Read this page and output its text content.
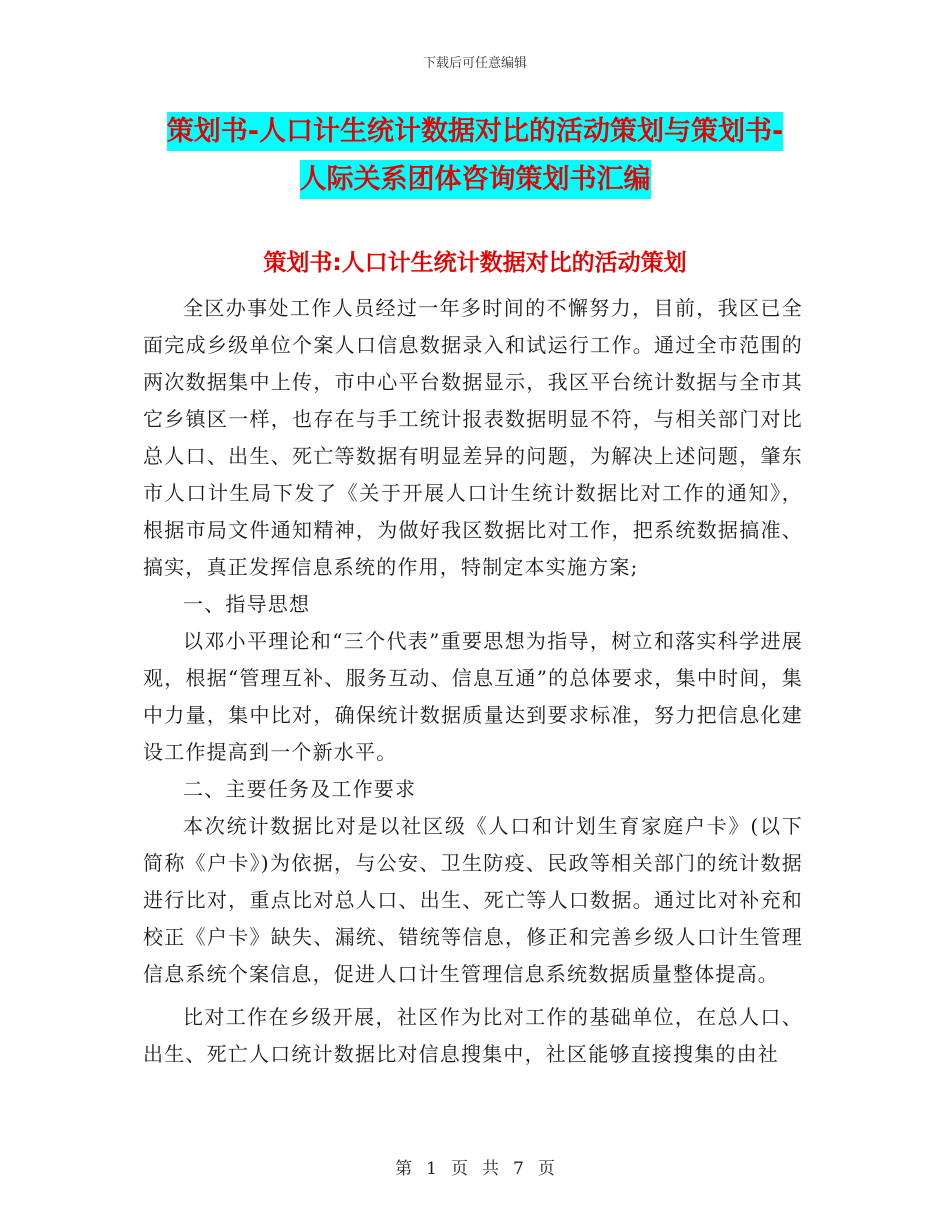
下载后可任意编辑
策划书-人口计生统计数据对比的活动策划与策划书-
人际关系团体咨询策划书汇编
策划书:人口计生统计数据对比的活动策划

全区办事处工作人员经过一年多时间的不懈努力，目前，我区已全面完成乡级单位个案人口信息数据录入和试运行工作。通过全市范围的两次数据集中上传，市中心平台数据显示，我区平台统计数据与全市其它乡镇区一样，也存在与手工统计报表数据明显不符，与相关部门对比总人口、出生、死亡等数据有明显差异的问题，为解决上述问题，肇东市人口计生局下发了《关于开展人口计生统计数据比对工作的通知》，根据市局文件通知精神，为做好我区数据比对工作，把系统数据搞准、搞实，真正发挥信息系统的作用，特制定本实施方案;

一、指导思想

以邓小平理论和“三个代表”重要思想为指导，树立和落实科学进展观，根据“管理互补、服务互动、信息互通”的总体要求，集中时间，集中力量，集中比对，确保统计数据质量达到要求标准，努力把信息化建设工作提高到一个新水平。

二、主要任务及工作要求

本次统计数据比对是以社区级《人口和计划生育家庭户卡》(以下简称《户卡》)为依据，与公安、卫生防疫、民政等相关部门的统计数据进行比对，重点比对总人口、出生、死亡等人口数据。通过比对补充和校正《户卡》缺失、漏统、错统等信息，修正和完善乡级人口计生管理信息系统个案信息，促进人口计生管理信息系统数据质量整体提高。

比对工作在乡级开展，社区作为比对工作的基础单位，在总人口、出生、死亡人口统计数据比对信息搜集中，社区能够直接搜集的由社

第 1 页 共 7 页
